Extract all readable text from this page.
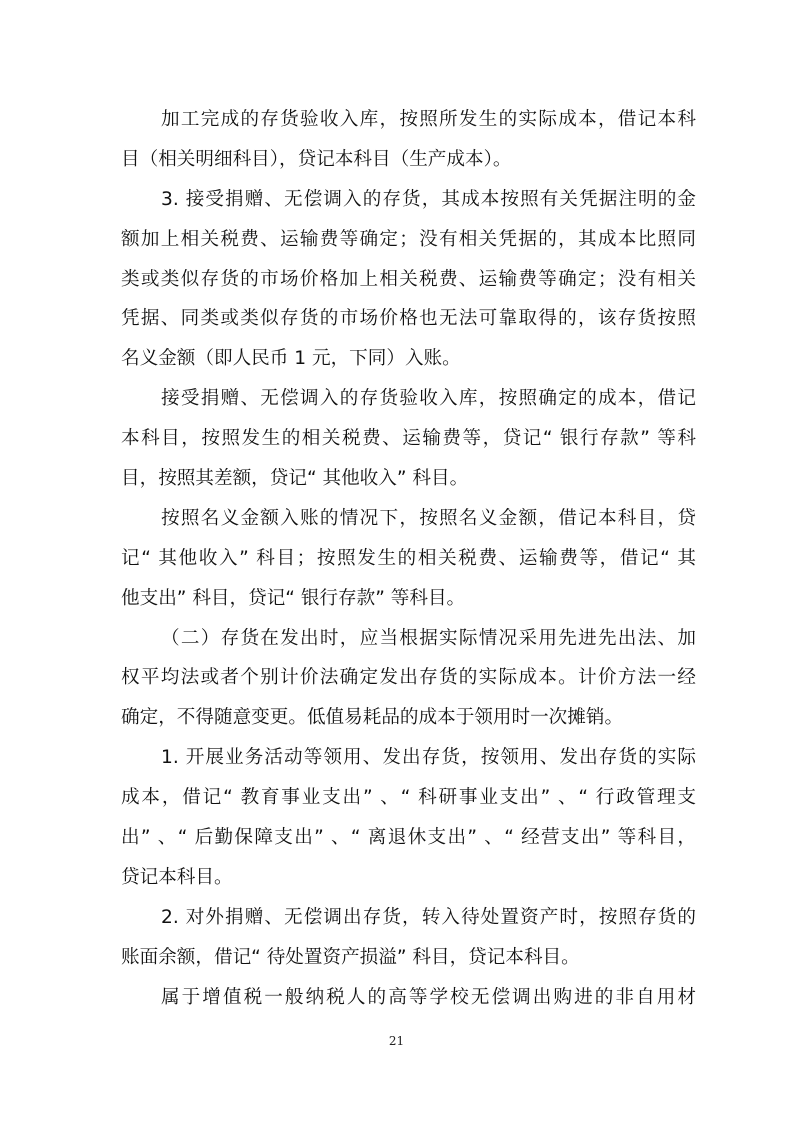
加工完成的存货验收入库，按照所发生的实际成本，借记本科
目（相关明细科目），贷记本科目（生产成本）。
3. 接受捐赠、无偿调入的存货，其成本按照有关凭据注明的金
额加上相关税费、运输费等确定；没有相关凭据的，其成本比照同
类或类似存货的市场价格加上相关税费、运输费等确定；没有相关
凭据、同类或类似存货的市场价格也无法可靠取得的，该存货按照
名义金额（即人民币 1 元，下同）入账。
接受捐赠、无偿调入的存货验收入库，按照确定的成本，借记
本科目，按照发生的相关税费、运输费等，贷记“ 银行存款” 等科
目，按照其差额，贷记“ 其他收入” 科目。
按照名义金额入账的情况下，按照名义金额，借记本科目，贷
记“ 其他收入” 科目；按照发生的相关税费、运输费等，借记“ 其
他支出” 科目，贷记“ 银行存款” 等科目。
（二）存货在发出时，应当根据实际情况采用先进先出法、加
权平均法或者个别计价法确定发出存货的实际成本。计价方法一经
确定，不得随意变更。低值易耗品的成本于领用时一次摊销。
1. 开展业务活动等领用、发出存货，按领用、发出存货的实际
成本，借记“ 教育事业支出” 、“ 科研事业支出” 、“ 行政管理支
出” 、“ 后勤保障支出” 、“ 离退休支出” 、“ 经营支出” 等科目，
贷记本科目。
2. 对外捐赠、无偿调出存货，转入待处置资产时，按照存货的
账面余额，借记“ 待处置资产损溢” 科目，贷记本科目。
属于增值税一般纳税人的高等学校无偿调出购进的非自用材
21
